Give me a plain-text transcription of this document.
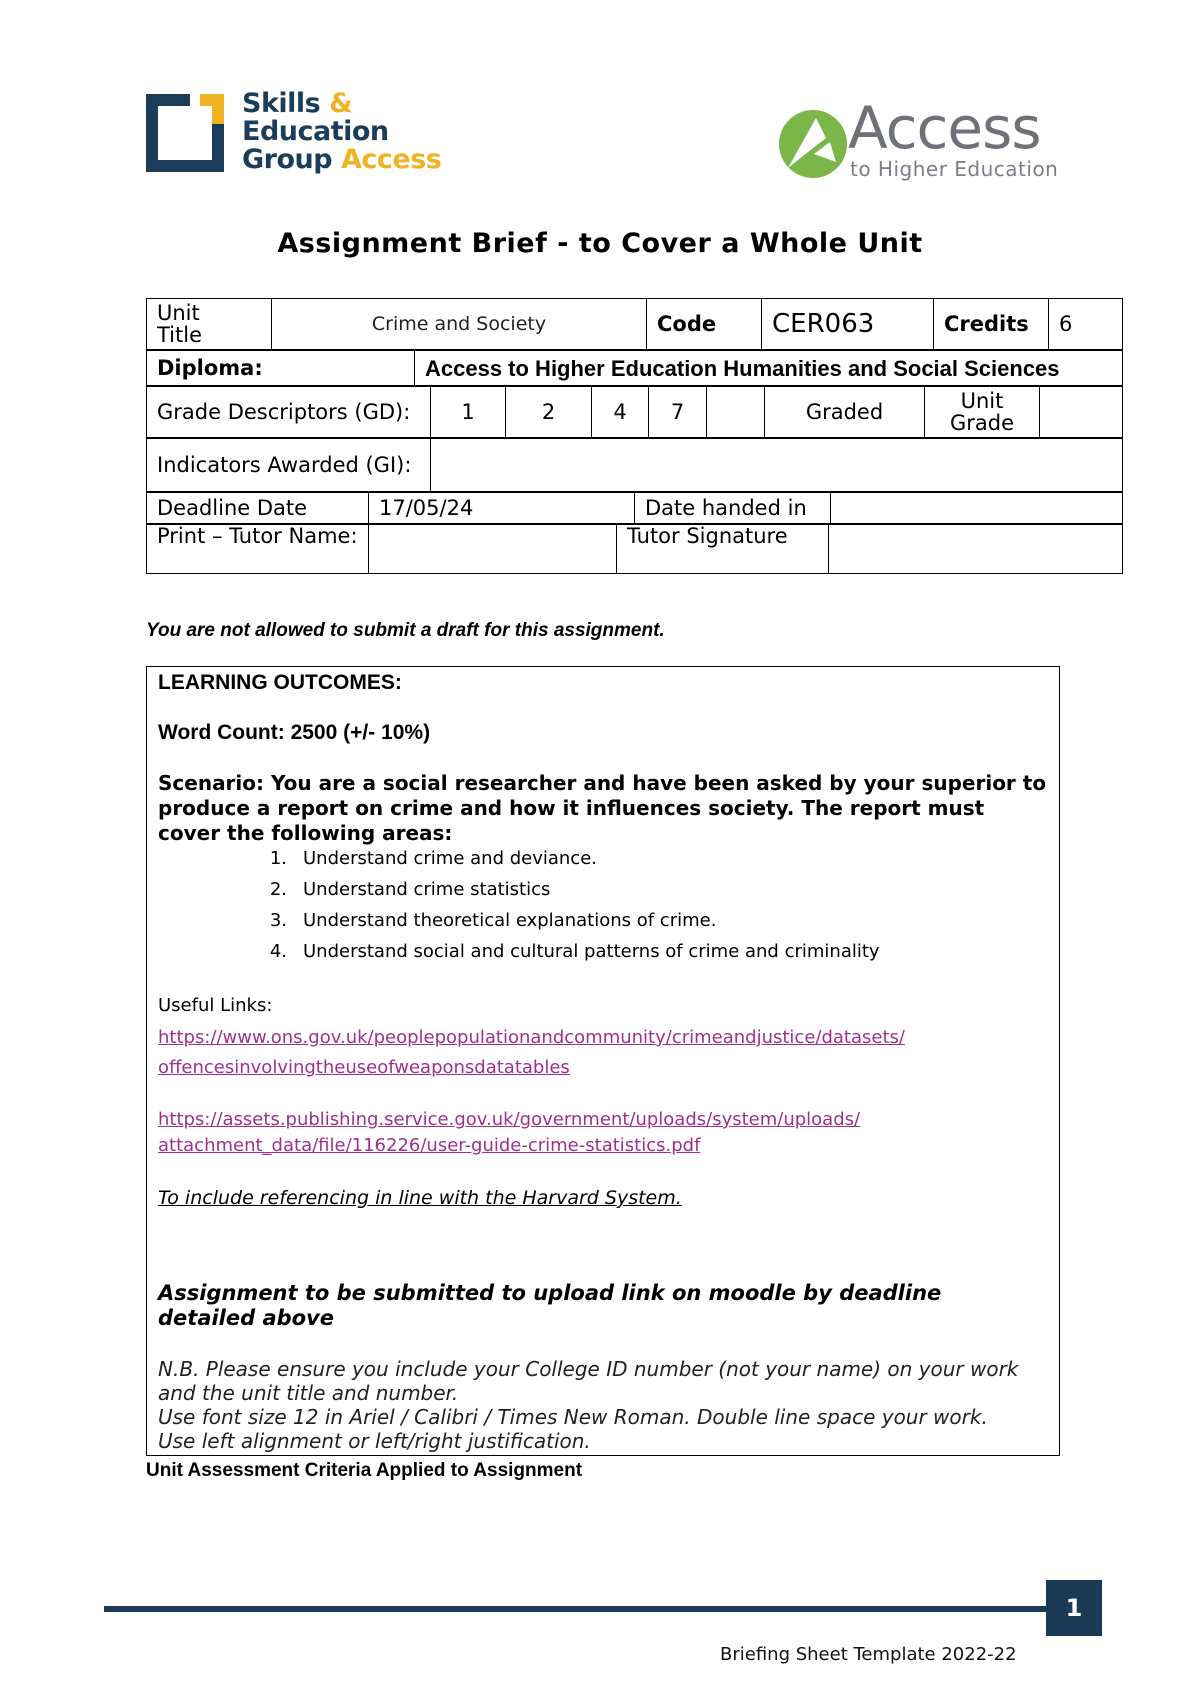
Skills &
Education
Group Access	Access
to Higher Education
Assignment Brief - to Cover a Whole Unit
Unit
Title	Crime and Society	Code	CER063	Credits	6
Diploma:	Access to Higher Education Humanities and Social Sciences
Grade Descriptors (GD):	1	2	4	7		Graded	Unit Grade	
Indicators Awarded (GI):	
Deadline Date	17/05/24	Date handed in	
Print – Tutor Name:		Tutor Signature	
You are not allowed to submit a draft for this assignment.
LEARNING OUTCOMES:
Word Count: 2500 (+/- 10%)
Scenario: You are a social researcher and have been asked by your superior to produce a report on crime and how it influences society. The report must cover the following areas:
1. Understand crime and deviance.
2. Understand crime statistics
3. Understand theoretical explanations of crime.
4. Understand social and cultural patterns of crime and criminality
Useful Links:
https://www.ons.gov.uk/peoplepopulationandcommunity/crimeandjustice/datasets/
offencesinvolvingtheuseofweaponsdatatables
https://assets.publishing.service.gov.uk/government/uploads/system/uploads/
attachment_data/file/116226/user-guide-crime-statistics.pdf
To include referencing in line with the Harvard System.
Assignment to be submitted to upload link on moodle by deadline detailed above
N.B. Please ensure you include your College ID number (not your name) on your work and the unit title and number.
Use font size 12 in Ariel / Calibri / Times New Roman. Double line space your work.
Use left alignment or left/right justification.
Unit Assessment Criteria Applied to Assignment
1
Briefing Sheet Template 2022-22
